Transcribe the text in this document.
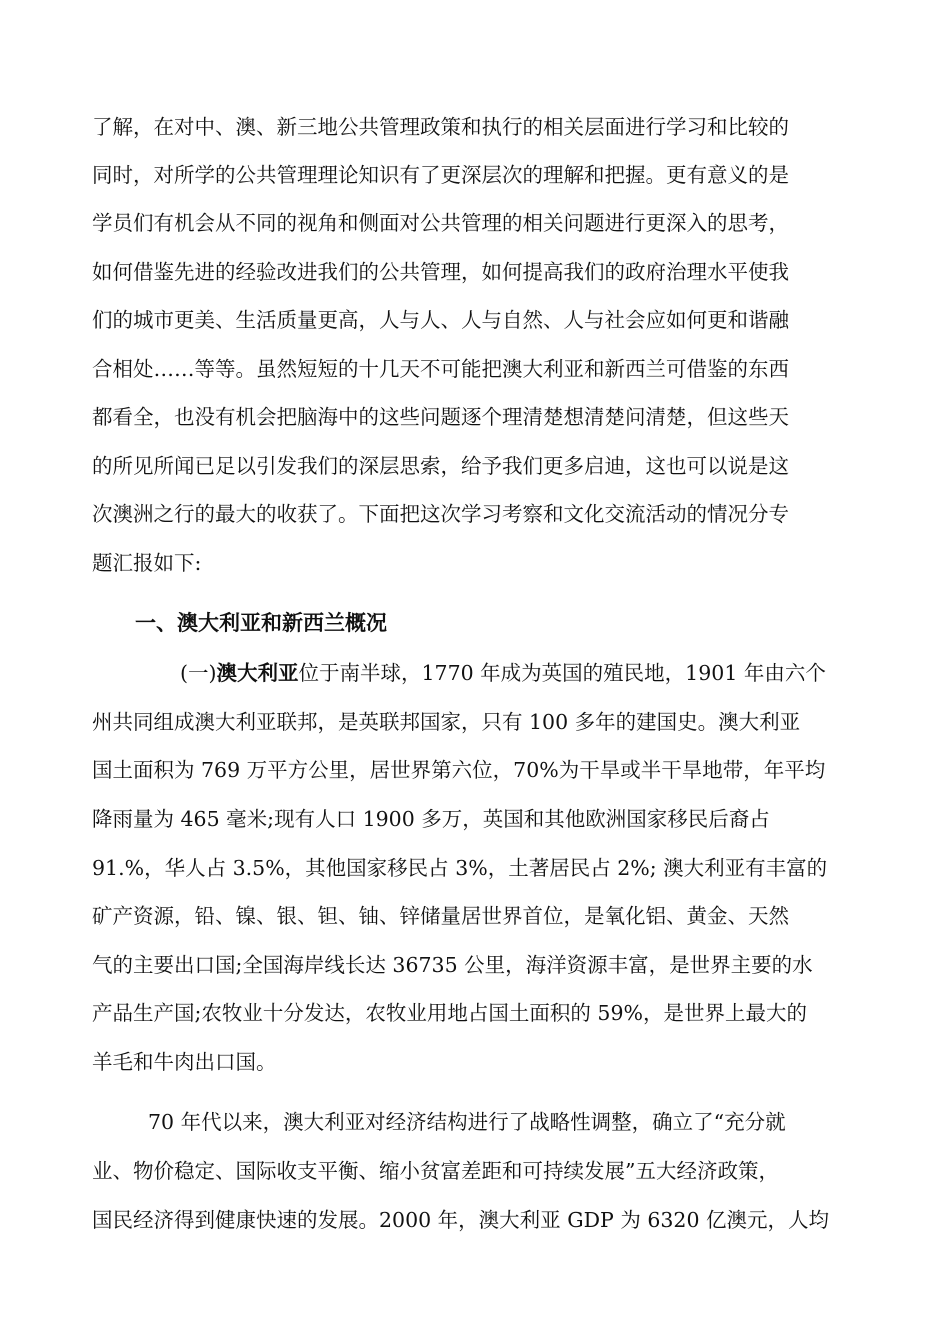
了解，在对中、澳、新三地公共管理政策和执行的相关层面进行学习和比较的
同时，对所学的公共管理理论知识有了更深层次的理解和把握。更有意义的是
学员们有机会从不同的视角和侧面对公共管理的相关问题进行更深入的思考，
如何借鉴先进的经验改进我们的公共管理，如何提高我们的政府治理水平使我
们的城市更美、生活质量更高，人与人、人与自然、人与社会应如何更和谐融
合相处……等等。虽然短短的十几天不可能把澳大利亚和新西兰可借鉴的东西
都看全，也没有机会把脑海中的这些问题逐个理清楚想清楚问清楚，但这些天
的所见所闻已足以引发我们的深层思索，给予我们更多启迪，这也可以说是这
次澳洲之行的最大的收获了。下面把这次学习考察和文化交流活动的情况分专
题汇报如下:
一、澳大利亚和新西兰概况
(一)澳大利亚位于南半球，1770 年成为英国的殖民地，1901 年由六个
州共同组成澳大利亚联邦，是英联邦国家，只有 100 多年的建国史。澳大利亚
国土面积为 769 万平方公里，居世界第六位，70%为干旱或半干旱地带，年平均
降雨量为 465 毫米;现有人口 1900 多万，英国和其他欧洲国家移民后裔占
91.%，华人占 3.5%，其他国家移民占 3%，土著居民占 2%; 澳大利亚有丰富的
矿产资源，铅、镍、银、钽、铀、锌储量居世界首位，是氧化铝、黄金、天然
气的主要出口国;全国海岸线长达 36735 公里，海洋资源丰富，是世界主要的水
产品生产国;农牧业十分发达，农牧业用地占国土面积的 59%，是世界上最大的
羊毛和牛肉出口国。
70 年代以来，澳大利亚对经济结构进行了战略性调整，确立了“充分就
业、物价稳定、国际收支平衡、缩小贫富差距和可持续发展”五大经济政策，
国民经济得到健康快速的发展。2000 年，澳大利亚 GDP 为 6320 亿澳元，人均
